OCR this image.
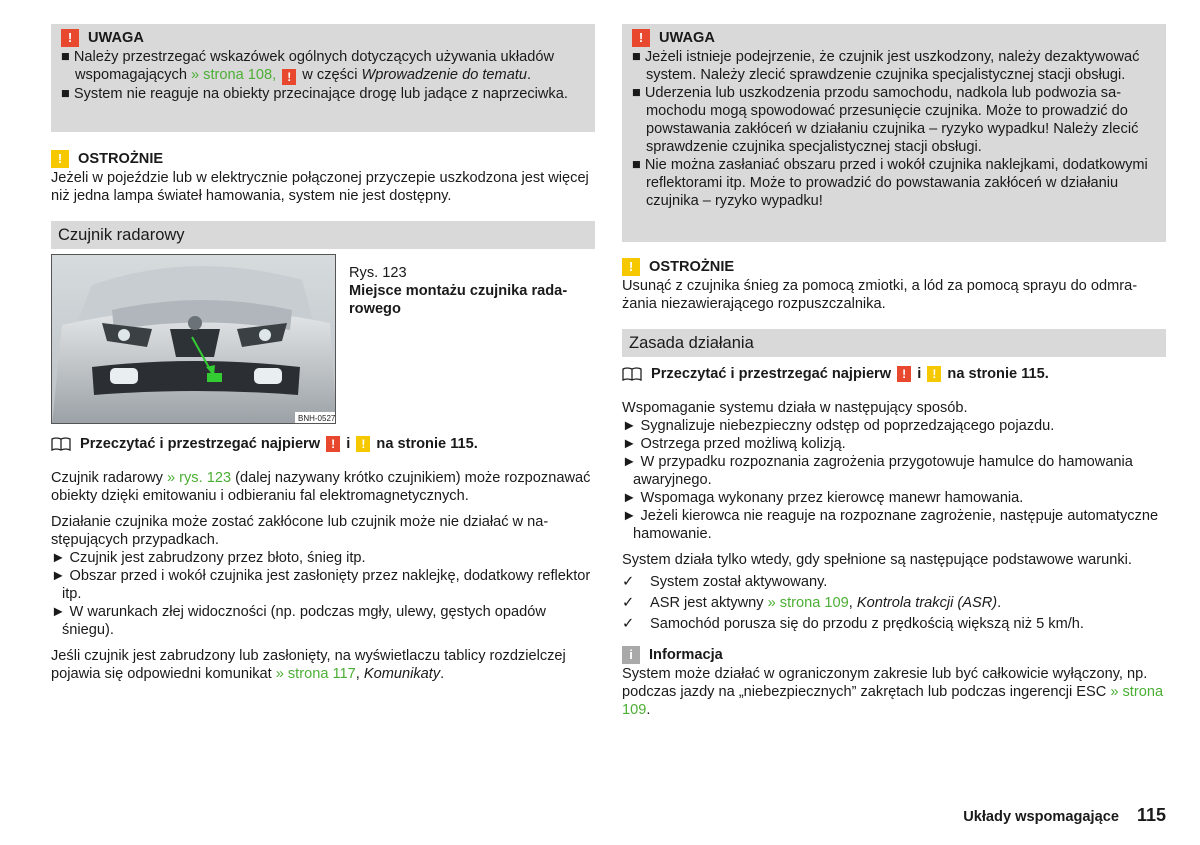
!	UWAGA
■ Należy przestrzegać wskazówek ogólnych dotyczących używania układów wspomagających » strona 108, ! w części Wprowadzenie do tematu.
■ System nie reaguje na obiekty przecinające drogę lub jadące z naprzeciwka.
!	OSTROŻNIE
Jeżeli w pojeździe lub w elektrycznie połączonej przyczepie uszkodzona jest więcej niż jedna lampa świateł hamowania, system nie jest dostępny.
Czujnik radarowy
BNH-0527
Rys. 123
Miejsce montażu czujnika radarowego
Przeczytać i przestrzegać najpierw
!
i
!
na stronie 115.
Czujnik radarowy » rys. 123 (dalej nazywany krótko czujnikiem) może rozpoznawać obiekty dzięki emitowaniu i odbieraniu fal elektromagnetycznych.
Działanie czujnika może zostać zakłócone lub czujnik może nie działać w następujących przypadkach.
► Czujnik jest zabrudzony przez błoto, śnieg itp.
► Obszar przed i wokół czujnika jest zasłonięty przez naklejkę, dodatkowy reflektor itp.
► W warunkach złej widoczności (np. podczas mgły, ulewy, gęstych opadów śniegu).
Jeśli czujnik jest zabrudzony lub zasłonięty, na wyświetlaczu tablicy rozdzielczej pojawia się odpowiedni komunikat » strona 117, Komunikaty.
!	UWAGA
■ Jeżeli istnieje podejrzenie, że czujnik jest uszkodzony, należy dezaktywować system. Należy zlecić sprawdzenie czujnika specjalistycznej stacji obsługi.
■ Uderzenia lub uszkodzenia przodu samochodu, nadkola lub podwozia samochodu mogą spowodować przesunięcie czujnika. Może to prowadzić do powstawania zakłóceń w działaniu czujnika – ryzyko wypadku! Należy zlecić sprawdzenie czujnika specjalistycznej stacji obsługi.
■ Nie można zasłaniać obszaru przed i wokół czujnika naklejkami, dodatkowymi reflektorami itp. Może to prowadzić do powstawania zakłóceń w działaniu czujnika – ryzyko wypadku!
!	OSTROŻNIE
Usunąć z czujnika śnieg za pomocą zmiotki, a lód za pomocą sprayu do odmrażania niezawierającego rozpuszczalnika.
Zasada działania
Przeczytać i przestrzegać najpierw
!
i
!
na stronie 115.
Wspomaganie systemu działa w następujący sposób.
► Sygnalizuje niebezpieczny odstęp od poprzedzającego pojazdu.
► Ostrzega przed możliwą kolizją.
► W przypadku rozpoznania zagrożenia przygotowuje hamulce do hamowania awaryjnego.
► Wspomaga wykonany przez kierowcę manewr hamowania.
► Jeżeli kierowca nie reaguje na rozpoznane zagrożenie, następuje automatyczne hamowanie.
System działa tylko wtedy, gdy spełnione są następujące podstawowe warunki.
✓	System został aktywowany.
✓	ASR jest aktywny » strona 109, Kontrola trakcji (ASR).
✓	Samochód porusza się do przodu z prędkością większą niż 5 km/h.
i	Informacja
System może działać w ograniczonym zakresie lub być całkowicie wyłączony, np. podczas jazdy na „niebezpiecznych” zakrętach lub podczas ingerencji ESC » strona 109.
Układy wspomagające 115
